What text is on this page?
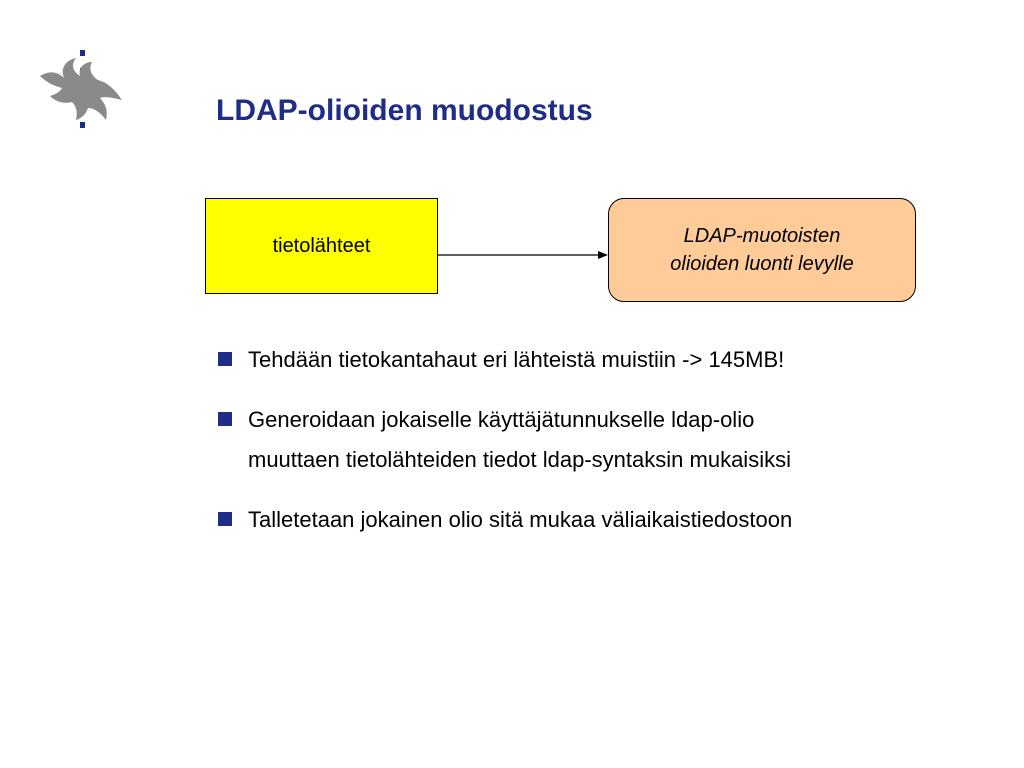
LDAP-olioiden muodostus
tietolähteet	LDAP-muotoisten
olioiden luonti levylle
Tehdään tietokantahaut eri lähteistä muistiin -> 145MB!
Generoidaan jokaiselle käyttäjätunnukselle ldap-olio
muuttaen tietolähteiden tiedot ldap-syntaksin mukaisiksi
Talletetaan jokainen olio sitä mukaa väliaikaistiedostoon
